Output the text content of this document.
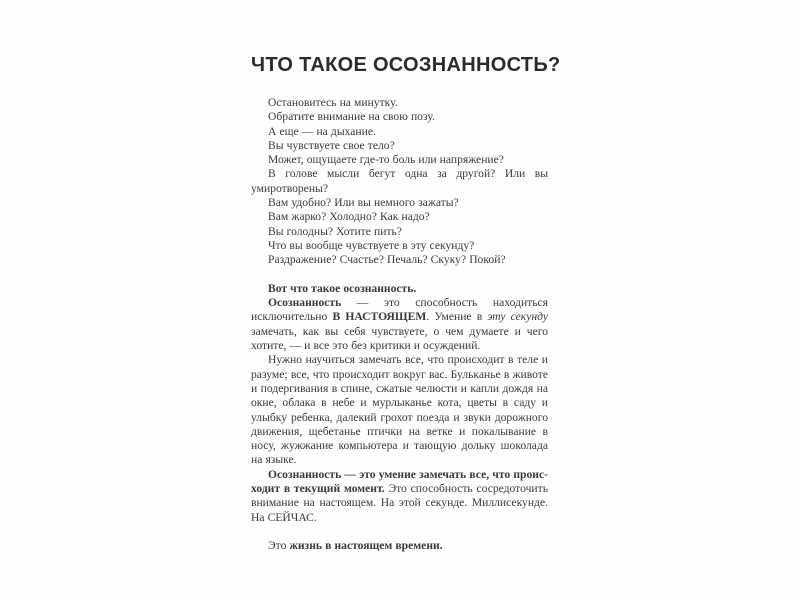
ЧТО ТАКОЕ ОСОЗНАННОСТЬ?
Остановитесь на минутку.
Обратите внимание на свою позу.
А еще — на дыхание.
Вы чувствуете свое тело?
Может, ощущаете где-то боль или напряжение?
В голове мысли бегут одна за другой? Или вы умиротворены?
Вам удобно? Или вы немного зажаты?
Вам жарко? Холодно? Как надо?
Вы голодны? Хотите пить?
Что вы вообще чувствуете в эту секунду?
Раздражение? Счастье? Печаль? Скуку? Покой?
Вот что такое осознанность.
Осознанность — это способность находиться исключительно В НАСТОЯЩЕМ. Умение в эту секунду замечать, как вы себя чувствуете, о чем думаете и чего хотите, — и все это без критики и осуждений.
Нужно научиться замечать все, что происходит в теле и разуме; все, что происходит вокруг вас. Бульканье в животе и подергивания в спине, сжатые челюсти и капли дождя на окне, облака в небе и мурлыканье кота, цветы в саду и улыбку ребенка, далекий грохот поезда и звуки дорожного движения, щебетанье птички на ветке и покалывание в носу, жужжание компьютера и тающую дольку шоколада на языке.
Осознанность — это умение замечать все, что происходит в текущий момент. Это способность сосредоточить внимание на настоящем. На этой секунде. Миллисекунде. На СЕЙЧАС.
Это жизнь в настоящем времени.
